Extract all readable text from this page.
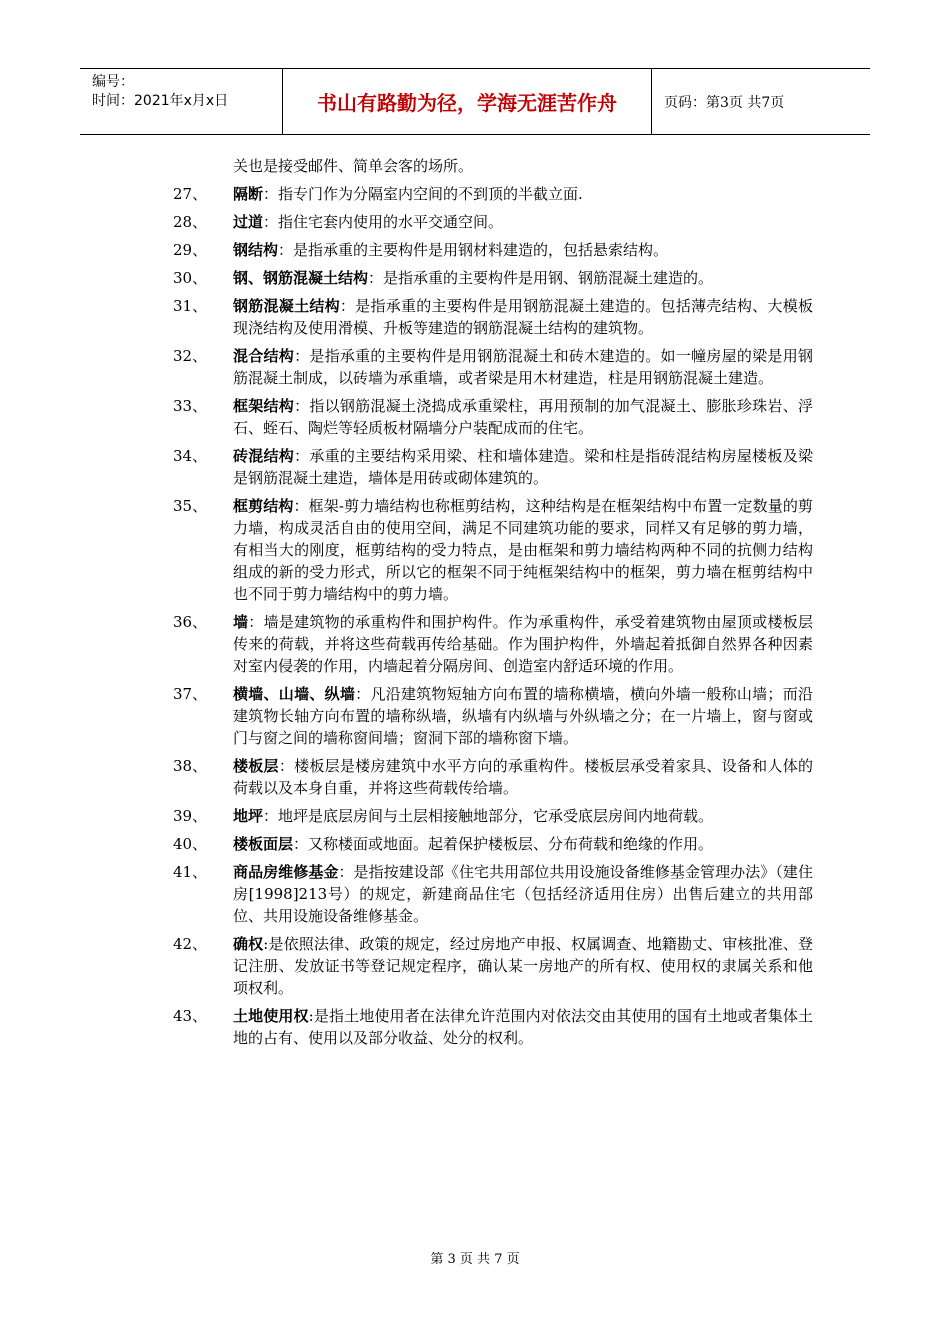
编号：
时间：2021年x月x日	书山有路勤为径，学海无涯苦作舟	页码：第3页 共7页
关也是接受邮件、简单会客的场所。
27、	隔断：指专门作为分隔室内空间的不到顶的半截立面.
28、	过道：指住宅套内使用的水平交通空间。
29、	钢结构：是指承重的主要构件是用钢材料建造的，包括悬索结构。
30、	钢、钢筋混凝土结构：是指承重的主要构件是用钢、钢筋混凝土建造的。
31、	钢筋混凝土结构：是指承重的主要构件是用钢筋混凝土建造的。包括薄壳结构、大模板现浇结构及使用滑模、升板等建造的钢筋混凝土结构的建筑物。
32、	混合结构：是指承重的主要构件是用钢筋混凝土和砖木建造的。如一幢房屋的梁是用钢筋混凝土制成，以砖墙为承重墙，或者梁是用木材建造，柱是用钢筋混凝土建造。
33、	框架结构：指以钢筋混凝土浇捣成承重梁柱，再用预制的加气混凝土、膨胀珍珠岩、浮石、蛭石、陶烂等轻质板材隔墙分户装配成而的住宅。
34、	砖混结构：承重的主要结构采用梁、柱和墙体建造。梁和柱是指砖混结构房屋楼板及梁是钢筋混凝土建造，墙体是用砖或砌体建筑的。
35、	框剪结构：框架-剪力墙结构也称框剪结构，这种结构是在框架结构中布置一定数量的剪力墙，构成灵活自由的使用空间，满足不同建筑功能的要求，同样又有足够的剪力墙，有相当大的刚度，框剪结构的受力特点，是由框架和剪力墙结构两种不同的抗侧力结构组成的新的受力形式，所以它的框架不同于纯框架结构中的框架，剪力墙在框剪结构中也不同于剪力墙结构中的剪力墙。
36、	墙：墙是建筑物的承重构件和围护构件。作为承重构件，承受着建筑物由屋顶或楼板层传来的荷载，并将这些荷载再传给基础。作为围护构件，外墙起着抵御自然界各种因素对室内侵袭的作用，内墙起着分隔房间、创造室内舒适环境的作用。
37、	横墙、山墙、纵墙：凡沿建筑物短轴方向布置的墙称横墙，横向外墙一般称山墙；而沿建筑物长轴方向布置的墙称纵墙，纵墙有内纵墙与外纵墙之分；在一片墙上，窗与窗或门与窗之间的墙称窗间墙；窗洞下部的墙称窗下墙。
38、	楼板层：楼板层是楼房建筑中水平方向的承重构件。楼板层承受着家具、设备和人体的荷载以及本身自重，并将这些荷载传给墙。
39、	地坪：地坪是底层房间与土层相接触地部分，它承受底层房间内地荷载。
40、	楼板面层：又称楼面或地面。起着保护楼板层、分布荷载和绝缘的作用。
41、	商品房维修基金：是指按建设部《住宅共用部位共用设施设备维修基金管理办法》（建住房[1998]213号）的规定，新建商品住宅（包括经济适用住房）出售后建立的共用部位、共用设施设备维修基金。
42、	确权:是依照法律、政策的规定，经过房地产申报、权属调查、地籍勘丈、审核批准、登记注册、发放证书等登记规定程序，确认某一房地产的所有权、使用权的隶属关系和他项权利。
43、	土地使用权:是指土地使用者在法律允许范围内对依法交由其使用的国有土地或者集体土地的占有、使用以及部分收益、处分的权利。
第 3 页 共 7 页
